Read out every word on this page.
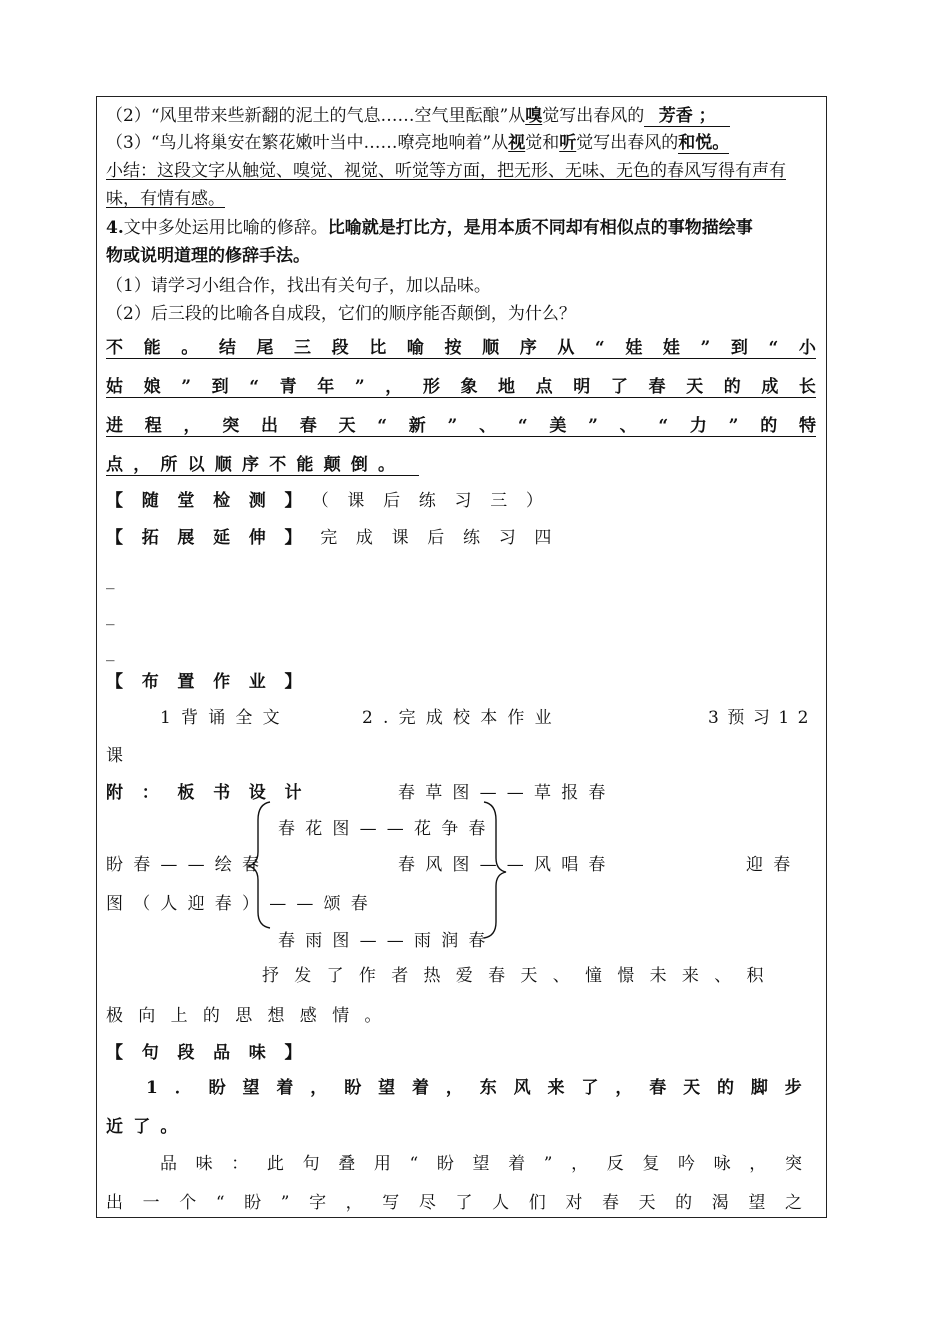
（2）“风里带来些新翻的泥土的气息……空气里酝酿”从嗅觉写出春风的 芳香 ；
（3）“鸟儿将巢安在繁花嫩叶当中……嘹亮地响着”从视觉和听觉写出春风的和悦。
小结：这段文字从触觉、嗅觉、视觉、听觉等方面，把无形、无味、无色的春风写得有声有
味，有情有感。
4.文中多处运用比喻的修辞。比喻就是打比方，是用本质不同却有相似点的事物描绘事
物或说明道理的修辞手法。
（1）请学习小组合作，找出有关句子，加以品味。
（2）后三段的比喻各自成段，它们的顺序能否颠倒，为什么？
不 能 。 结 尾 三 段 比 喻 按 顺 序 从 “ 娃 娃 ” 到 “ 小
姑 娘 ” 到 “ 青 年 ” ， 形 象 地 点 明 了 春 天 的 成 长
进 程 ， 突 出 春 天 “ 新 ” 、 “ 美 ” 、 “ 力 ” 的 特
点，所以顺序不能颠倒。
【随堂检测】（课后练习三）
【拓展延伸】完成课后练习四
_
_
_
【布置作业】
1背诵全文	2.完成校本作业	3预习12
课
附：板书设计	春草图——草报春
春花图——花争春
盼春——绘春	春风图——风唱春	迎春
图（人迎春）——颂春
春雨图——雨润春
抒发了作者热爱春天、憧憬未来、积
极向上的思想感情。
【句段品味】
1 ． 盼 望 着 ， 盼 望 着 ， 东 风 来 了 ， 春 天 的 脚 步
近了。
品 味 ： 此 句 叠 用 “ 盼 望 着 ” ， 反 复 吟 咏 ， 突
出 一 个 “ 盼 ” 字 ， 写 尽 了 人 们 对 春 天 的 渴 望 之
